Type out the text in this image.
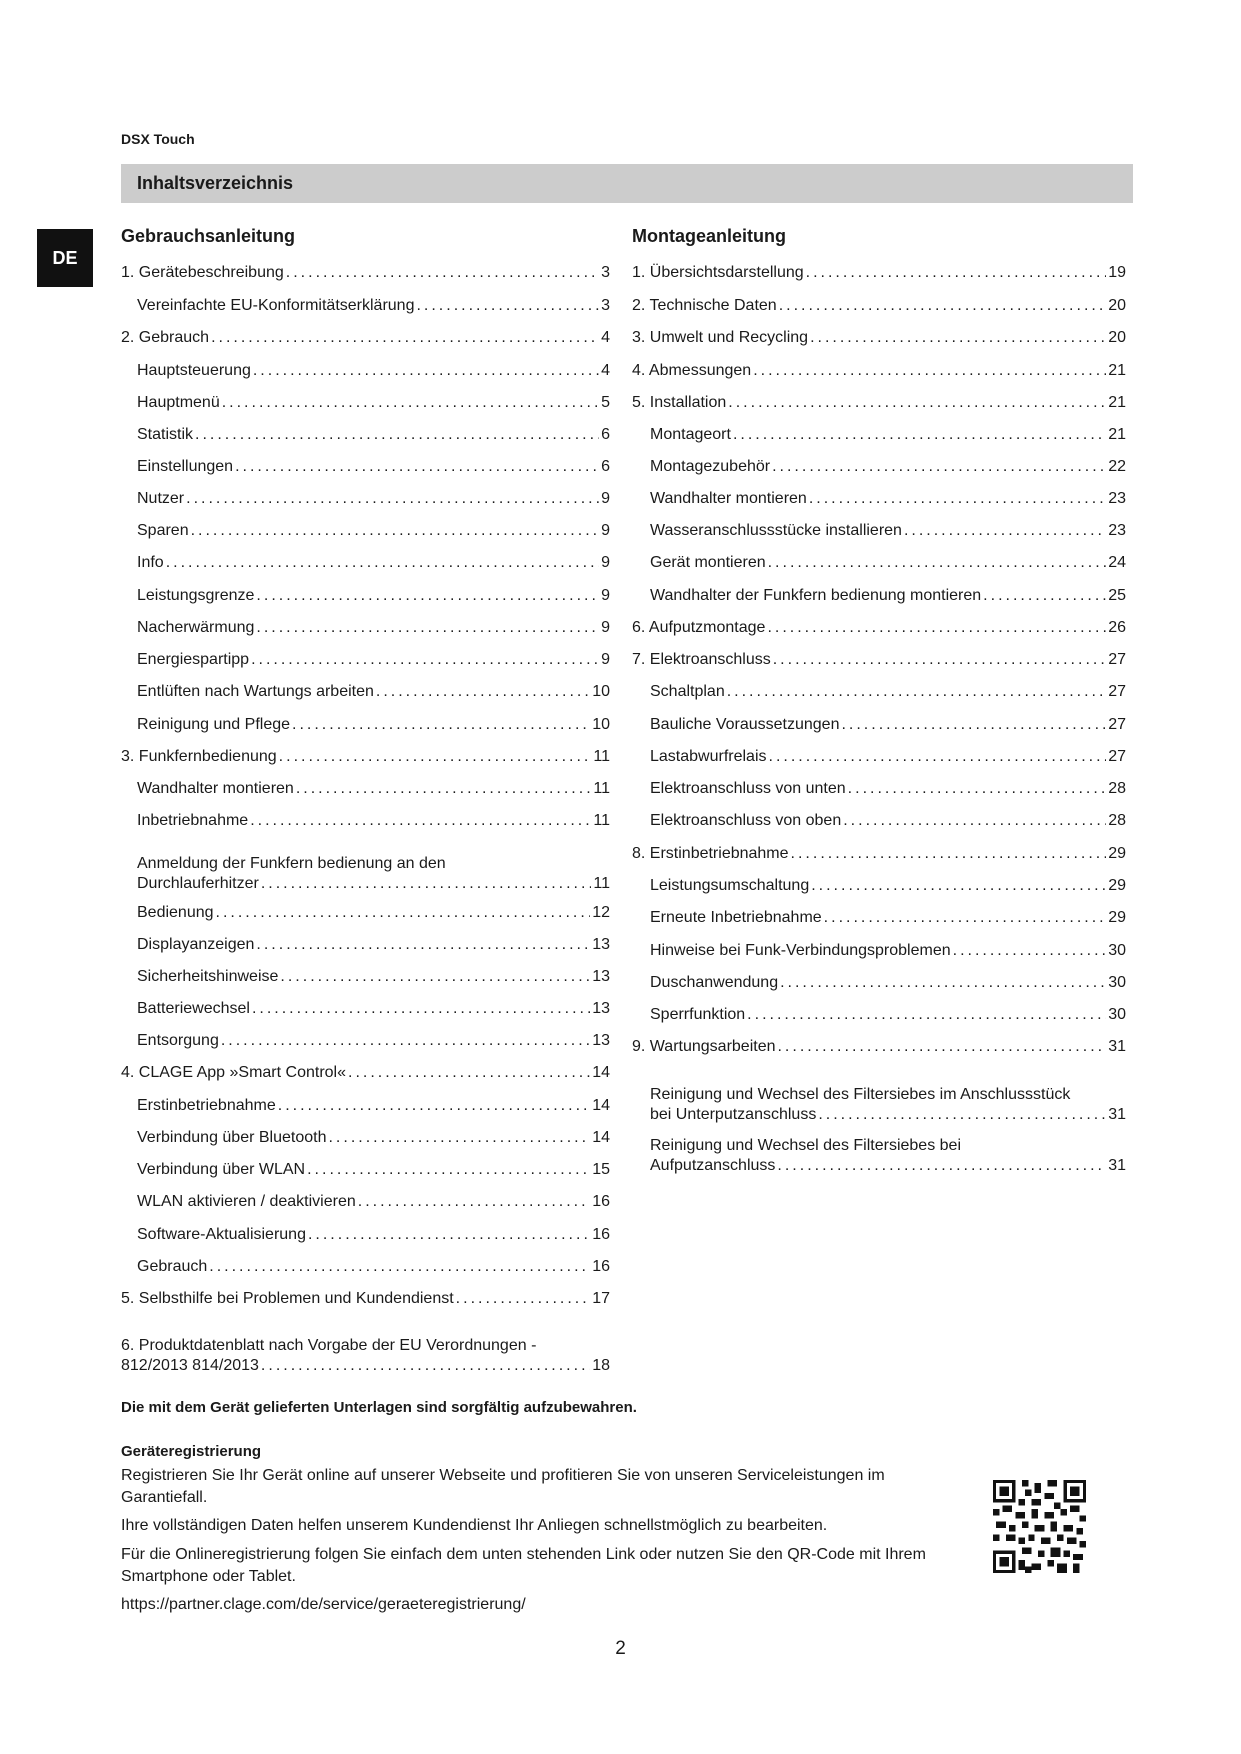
DSX Touch
Inhaltsverzeichnis
DE
Gebrauchsanleitung	Montageanleitung
1. Gerätebeschreibung .....	3
Vereinfachte EU-Konformitätserklärung .....	3
2. Gebrauch .....	4
Hauptsteuerung .....	4
Hauptmenü .....	5
Statistik .....	6
Einstellungen .....	6
Nutzer .....	9
Sparen .....	9
Info .....	9
Leistungsgrenze .....	9
Nacherwärmung .....	9
Energiespartipp .....	9
Entlüften nach Wartungs arbeiten .....	10
Reinigung und Pflege .....	10
3. Funkfernbedienung .....	11
Wandhalter montieren .....	11
Inbetriebnahme .....	11
Anmeldung der Funkfern bedienung an den
Durchlauferhitzer .....	11
Bedienung .....	12
Displayanzeigen .....	13
Sicherheitshinweise .....	13
Batteriewechsel .....	13
Entsorgung .....	13
4. CLAGE App »Smart Control« .....	14
Erstinbetriebnahme .....	14
Verbindung über Bluetooth .....	14
Verbindung über WLAN .....	15
WLAN aktivieren / deaktivieren .....	16
Software-Aktualisierung .....	16
Gebrauch .....	16
5. Selbsthilfe bei Problemen und Kundendienst .....	17
6. Produktdatenblatt nach Vorgabe der EU Verordnungen -
812/2013 814/2013 .....	18
1. Übersichtsdarstellung .....	19
2. Technische Daten .....	20
3. Umwelt und Recycling .....	20
4. Abmessungen .....	21
5. Installation .....	21
Montageort .....	21
Montagezubehör .....	22
Wandhalter montieren .....	23
Wasseranschlussstücke installieren .....	23
Gerät montieren .....	24
Wandhalter der Funkfern bedienung montieren .....	25
6. Aufputzmontage .....	26
7. Elektroanschluss .....	27
Schaltplan .....	27
Bauliche Voraussetzungen .....	27
Lastabwurfrelais .....	27
Elektroanschluss von unten .....	28
Elektroanschluss von oben .....	28
8. Erstinbetriebnahme .....	29
Leistungsumschaltung .....	29
Erneute Inbetriebnahme .....	29
Hinweise bei Funk-Verbindungsproblemen .....	30
Duschanwendung .....	30
Sperrfunktion .....	30
9. Wartungsarbeiten .....	31
Reinigung und Wechsel des Filtersiebes im Anschlussstück
bei Unterputzanschluss .....	31
Reinigung und Wechsel des Filtersiebes bei
Aufputzanschluss .....	31
Die mit dem Gerät gelieferten Unterlagen sind sorgfältig aufzubewahren.
Geräteregistrierung
Registrieren Sie Ihr Gerät online auf unserer Webseite und profitieren Sie von unseren Serviceleistungen im Garantiefall.
Ihre vollständigen Daten helfen unserem Kundendienst Ihr Anliegen schnellstmöglich zu bearbeiten.
Für die Onlineregistrierung folgen Sie einfach dem unten stehenden Link oder nutzen Sie den QR-Code mit Ihrem Smartphone oder Tablet.
https://partner.clage.com/de/service/geraeteregistrierung/
2
